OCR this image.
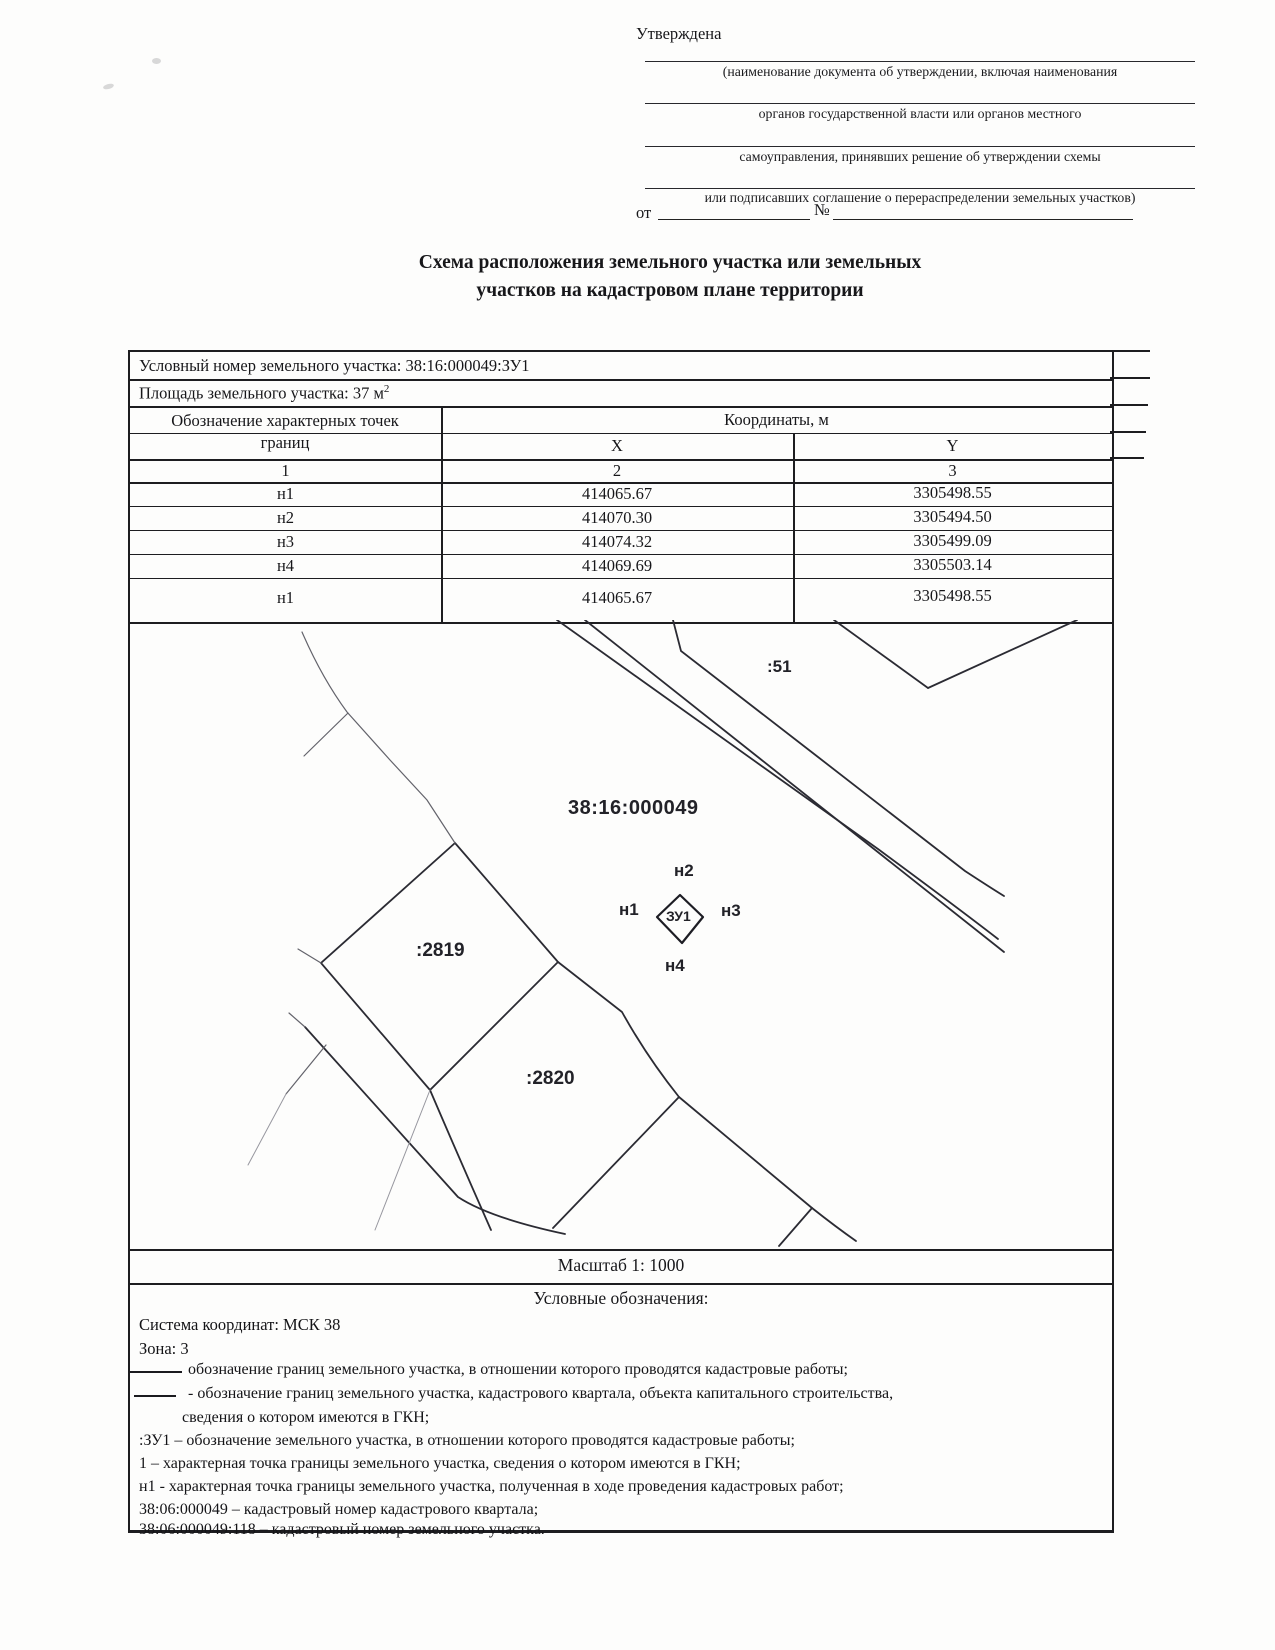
Утверждена
(наименование документа об утверждении, включая наименования
органов государственной власти или органов местного
самоуправления, принявших решение об утверждении схемы
или подписавших соглашение о перераспределении земельных участков)
от	№
Схема расположения земельного участка или земельных
участков на кадастровом плане территории
Условный номер земельного участка: 38:16:000049:ЗУ1
Площадь земельного участка: 37 $м^2$
Обозначение характерных точек границ
Координаты, м
X	Y
1	2	3
н1	414065.67	3305498.55
н2	414070.30	3305494.50
н3	414074.32	3305499.09
н4	414069.69	3305503.14
н1	414065.67	3305498.55
Масштаб 1: 1000
Условные обозначения:
Система координат: МСК 38
Зона: 3
обозначение границ земельного участка, в отношении которого проводятся кадастровые работы;
- обозначение границ земельного участка, кадастрового квартала, объекта капитального строительства,
сведения о котором имеются в ГКН;
:ЗУ1 – обозначение земельного участка, в отношении которого проводятся кадастровые работы;
1 – характерная точка границы земельного участка, сведения о котором имеются в ГКН;
н1 - характерная точка границы земельного участка, полученная в ходе проведения кадастровых работ;
38:06:000049 – кадастровый номер кадастрового квартала;
38:06:000049:118 – кадастровый номер земельного участка.
:51
38:16:000049
н2
н1 ЗУ1 н3
н4
:2819
:2820
